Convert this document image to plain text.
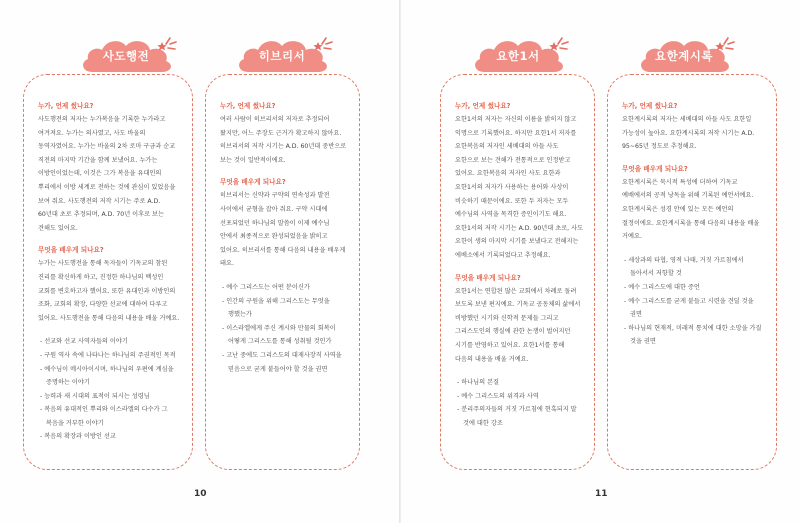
누가, 언제 썼나요?

사도행전의 저자는 누가복음을 기록한 누가라고 여겨져요. 누가는 의사였고, 사도 바울의 동역자였어요. 누가는 바울의 2차 로마 구금과 순교 직전의 마지막 기간을 함께 보냈어요. 누가는 이방인이었는데, 이것은 그가 복음을 유대인의 뿌리에서 이방 세계로 전하는 것에 관심이 있었음을 보여 줘요. 사도행전의 저작 시기는 주로 A.D. 60년대 초로 추정되며, A.D. 70년 이후로 보는 견해도 있어요.

무엇을 배우게 되나요?

누가는 사도행전을 통해 독자들이 기독교의 참된 진리를 확신하게 하고, 진정한 하나님의 백성인 교회를 변호하고자 했어요. 또한 유대인과 이방인의 조화, 교회의 확장, 다양한 선교에 대하여 다루고 있어요. 사도행전을 통해 다음의 내용을 배울 거예요.

- 선교와 선교 사역자들의 이야기
- 구원 역사 속에 나타나는 하나님의 주권적인 목적
- 예수님이 메시아이시며, 하나님의 우편에 계심을 증명하는 이야기
- 능력과 새 시대의 표적이 되시는 성령님
- 복음의 유대적인 뿌리와 이스라엘의 다수가 그 복음을 거부한 이야기
- 복음의 확장과 이방인 선교
누가, 언제 썼나요?

여러 사람이 히브리서의 저자로 추정되어 왔지만, 어느 주장도 근거가 확고하지 않아요. 히브리서의 저작 시기는 A.D. 60년대 중반으로 보는 것이 일반적이에요.

무엇을 배우게 되나요?

히브리서는 신약과 구약의 연속성과 발전 사이에서 균형을 잡아 줘요. 구약 시대에 선포되었던 하나님의 말씀이 이제 예수님 안에서 최종적으로 완성되었음을 밝히고 있어요. 히브리서를 통해 다음의 내용을 배우게 돼요.

- 예수 그리스도는 어떤 분이신가
- 인간의 구원을 위해 그리스도는 무엇을 행했는가
- 이스라엘에게 주신 계시와 만물의 회복이 어떻게 그리스도를 통해 성취될 것인가
- 고난 중에도 그리스도의 대제사장직 사역을 믿음으로 굳게 붙들어야 할 것을 권면
누가, 언제 썼나요?

요한1서의 저자는 자신의 이름을 밝히지 않고 익명으로 기록했어요. 하지만 요한1서 저자를 요한복음의 저자인 세베대의 아들 사도 요한으로 보는 견해가 전통적으로 인정받고 있어요. 요한복음의 저자인 사도 요한과 요한1서의 저자가 사용하는 용어와 사상이 비슷하기 때문이에요. 또한 두 저자는 모두 예수님의 사역을 목격한 증인이기도 해요. 요한1서의 저작 시기는 A.D. 90년대 초로, 사도 요한이 생의 마지막 시기를 보냈다고 전해지는 에베소에서 기록되었다고 추정해요.

무엇을 배우게 되나요?

요한1서는 연합된 많은 교회에서 차례로 돌려 보도록 보낸 편지예요. 기독교 공동체의 삶에서 비방했던 시기와 신학적 문제들 그리고 그리스도인의 행실에 관한 논쟁이 벌어지던 시기를 반영하고 있어요. 요한1서를 통해 다음의 내용을 배울 거예요.

- 하나님의 본질
- 예수 그리스도의 위격과 사역
- 분리주의자들의 거짓 가르침에 현혹되지 말 것에 대한 강조
누가, 언제 썼나요?

요한계시록의 저자는 세베대의 아들 사도 요한일 가능성이 높아요. 요한계시록의 저작 시기는 A.D. 95~65년 정도로 추정해요.

무엇을 배우게 되나요?

요한계시록은 묵시적 특성에 더하여 기독교 예배에서의 공적 낭독을 위해 기록된 예언서예요. 요한계시록은 성경 안에 있는 모든 예언의 절정이에요. 요한계시록을 통해 다음의 내용을 배울 거예요.

- 세상과의 타협, 영적 나태, 거짓 가르침에서 돌아서서 저항할 것
- 예수 그리스도에 대한 증언
- 예수 그리스도를 굳게 붙들고 시련을 견딜 것을 권면
- 하나님의 현재적, 미래적 통치에 대한 소망을 가질 것을 권면
사도행전	히브리서	요한1서	요한계시록
10	11
